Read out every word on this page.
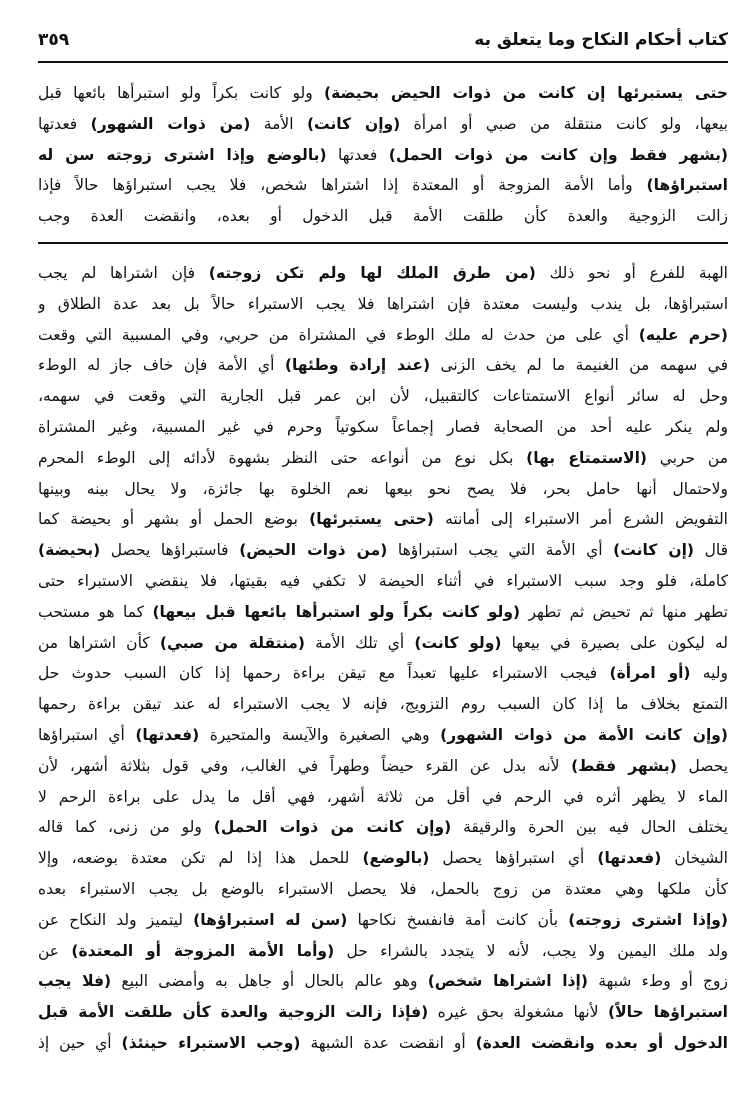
كتاب أحكام النكاح وما يتعلق به
٣٥٩
حتى يستبرئها إن كانت من ذوات الحيض بحيضة) ولو كانت بكراً ولو استبرأها بائعها قبل
بيعها، ولو كانت منتقلة من صبي أو امرأة (وإن كانت) الأمة (من ذوات الشهور) فعدتها
(بشهر فقط وإن كانت من ذوات الحمل) فعدتها (بالوضع وإذا اشترى زوجته سن له
استبراؤها) وأما الأمة المزوجة أو المعتدة إذا اشتراها شخص، فلا يجب استبراؤها حالاً فإذا
زالت الزوجية والعدة كأن طلقت الأمة قبل الدخول أو بعده، وانقضت العدة وجب
الهبة للفرع أو نحو ذلك (من طرق الملك لها ولم تكن زوجته) فإن اشتراها لم يجب
استبراؤها، بل يندب وليست معتدة فإن اشتراها فلا يجب الاستبراء حالاً بل بعد عدة الطلاق و
(حرم عليه) أي على من حدث له ملك الوطء في المشتراة من حربي، وفي المسبية التي وقعت
في سهمه من الغنيمة ما لم يخف الزنى (عند إرادة وطئها) أي الأمة فإن خاف جاز له الوطء
وحل له سائر أنواع الاستمتاعات كالتقبيل، لأن ابن عمر قبل الجارية التي وقعت في سهمه،
ولم ينكر عليه أحد من الصحابة فصار إجماعاً سكوتياً وحرم في غير المسبية، وغير المشتراة
من حربي (الاستمتاع بها) بكل نوع من أنواعه حتى النظر بشهوة لأدائه إلى الوطء المحرم
ولاحتمال أنها حامل بحر، فلا يصح نحو بيعها نعم الخلوة بها جائزة، ولا يحال بينه وبينها
التفويض الشرع أمر الاستبراء إلى أمانته (حتى يستبرئها) بوضع الحمل أو بشهر أو بحيضة كما
قال (إن كانت) أي الأمة التي يجب استبراؤها (من ذوات الحيض) فاستبراؤها يحصل (بحيضة)
كاملة، فلو وجد سبب الاستبراء في أثناء الحيضة لا تكفي فيه بقيتها، فلا ينقضي الاستبراء حتى
تطهر منها ثم تحيض ثم تطهر (ولو كانت بكراً ولو استبرأها بائعها قبل بيعها) كما هو مستحب
له ليكون على بصيرة في بيعها (ولو كانت) أي تلك الأمة (منتقلة من صبي) كأن اشتراها من
وليه (أو امرأة) فيجب الاستبراء عليها تعبداً مع تيقن براءة رحمها إذا كان السبب حدوث حل
التمتع بخلاف ما إذا كان السبب روم التزويج، فإنه لا يجب الاستبراء له عند تيقن براءة رحمها
(وإن كانت الأمة من ذوات الشهور) وهي الصغيرة والآيسة والمتحيرة (فعدتها) أي استبراؤها
يحصل (بشهر فقط) لأنه بدل عن القرء حيضاً وطهراً في الغالب، وفي قول بثلاثة أشهر، لأن
الماء لا يظهر أثره في الرحم في أقل من ثلاثة أشهر، فهي أقل ما يدل على براءة الرحم لا
يختلف الحال فيه بين الحرة والرقيقة (وإن كانت من ذوات الحمل) ولو من زنى، كما قاله
الشيخان (فعدتها) أي استبراؤها يحصل (بالوضع) للحمل هذا إذا لم تكن معتدة بوضعه، وإلا
كأن ملكها وهي معتدة من زوج بالحمل، فلا يحصل الاستبراء بالوضع بل يجب الاستبراء بعده
(وإذا اشترى زوجته) بأن كانت أمة فانفسخ نكاحها (سن له استبراؤها) ليتميز ولد النكاح عن
ولد ملك اليمين ولا يجب، لأنه لا يتجدد بالشراء حل (وأما الأمة المزوجة أو المعتدة) عن
زوج أو وطء شبهة (إذا اشتراها شخص) وهو عالم بالحال أو جاهل به وأمضى البيع (فلا يجب
استبراؤها حالاً) لأنها مشغولة بحق غيره (فإذا زالت الزوجية والعدة كأن طلقت الأمة قبل
الدخول أو بعده وانقضت العدة) أو انقضت عدة الشبهة (وجب الاستبراء حينئذ) أي حين إذ
